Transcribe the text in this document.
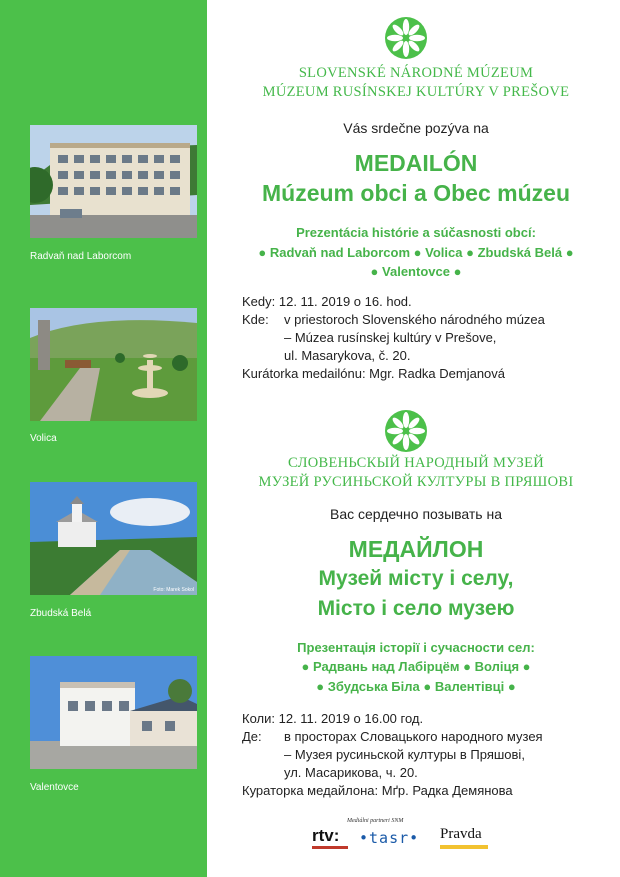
Radvaň nad Laborcom
Volica
Foto: Marek Sokol
Zbudská Belá
Valentovce
SLOVENSKÉ NÁRODNÉ MÚZEUM
MÚZEUM RUSÍNSKEJ KULTÚRY V PREŠOVE
Vás srdečne pozýva na
MEDAILÓN
Múzeum obci a Obec múzeu
Prezentácia histórie a súčasnosti obcí:
● Radvaň nad Laborcom ● Volica ● Zbudská Belá ●
● Valentovce ●
Kedy: 12. 11. 2019 o 16. hod.
Kde: v priestoroch Slovenského národného múzea
– Múzea rusínskej kultúry v Prešove,
ul. Masarykova, č. 20.
Kurátorka medailónu: Mgr. Radka Demjanová
СЛОВЕНЬСКЫЙ НАРОДНЫЙ МУЗЕЙ
МУЗЕЙ РУСИНЬСКОЙ КУЛТУРЫ В ПРЯШОВІ
Вас сердечно позывать на
МЕДАЙЛОН
Музей місту і селу,
Місто і село музею
Презентація історії і сучасности сел:
● Радвань над Лабірцём ● Воліця ●
● Збудська Біла ● Валентівці ●
Коли: 12. 11. 2019 о 16.00 год.
Де: в просторах Словацького народного музея
– Музея русиньской културы в Пряшові,
ул. Масарикова, ч. 20.
Кураторка медайлона: Мґр. Радка Демянова
Mediálni partneri SNM
rtv: •tasr• Pravda
